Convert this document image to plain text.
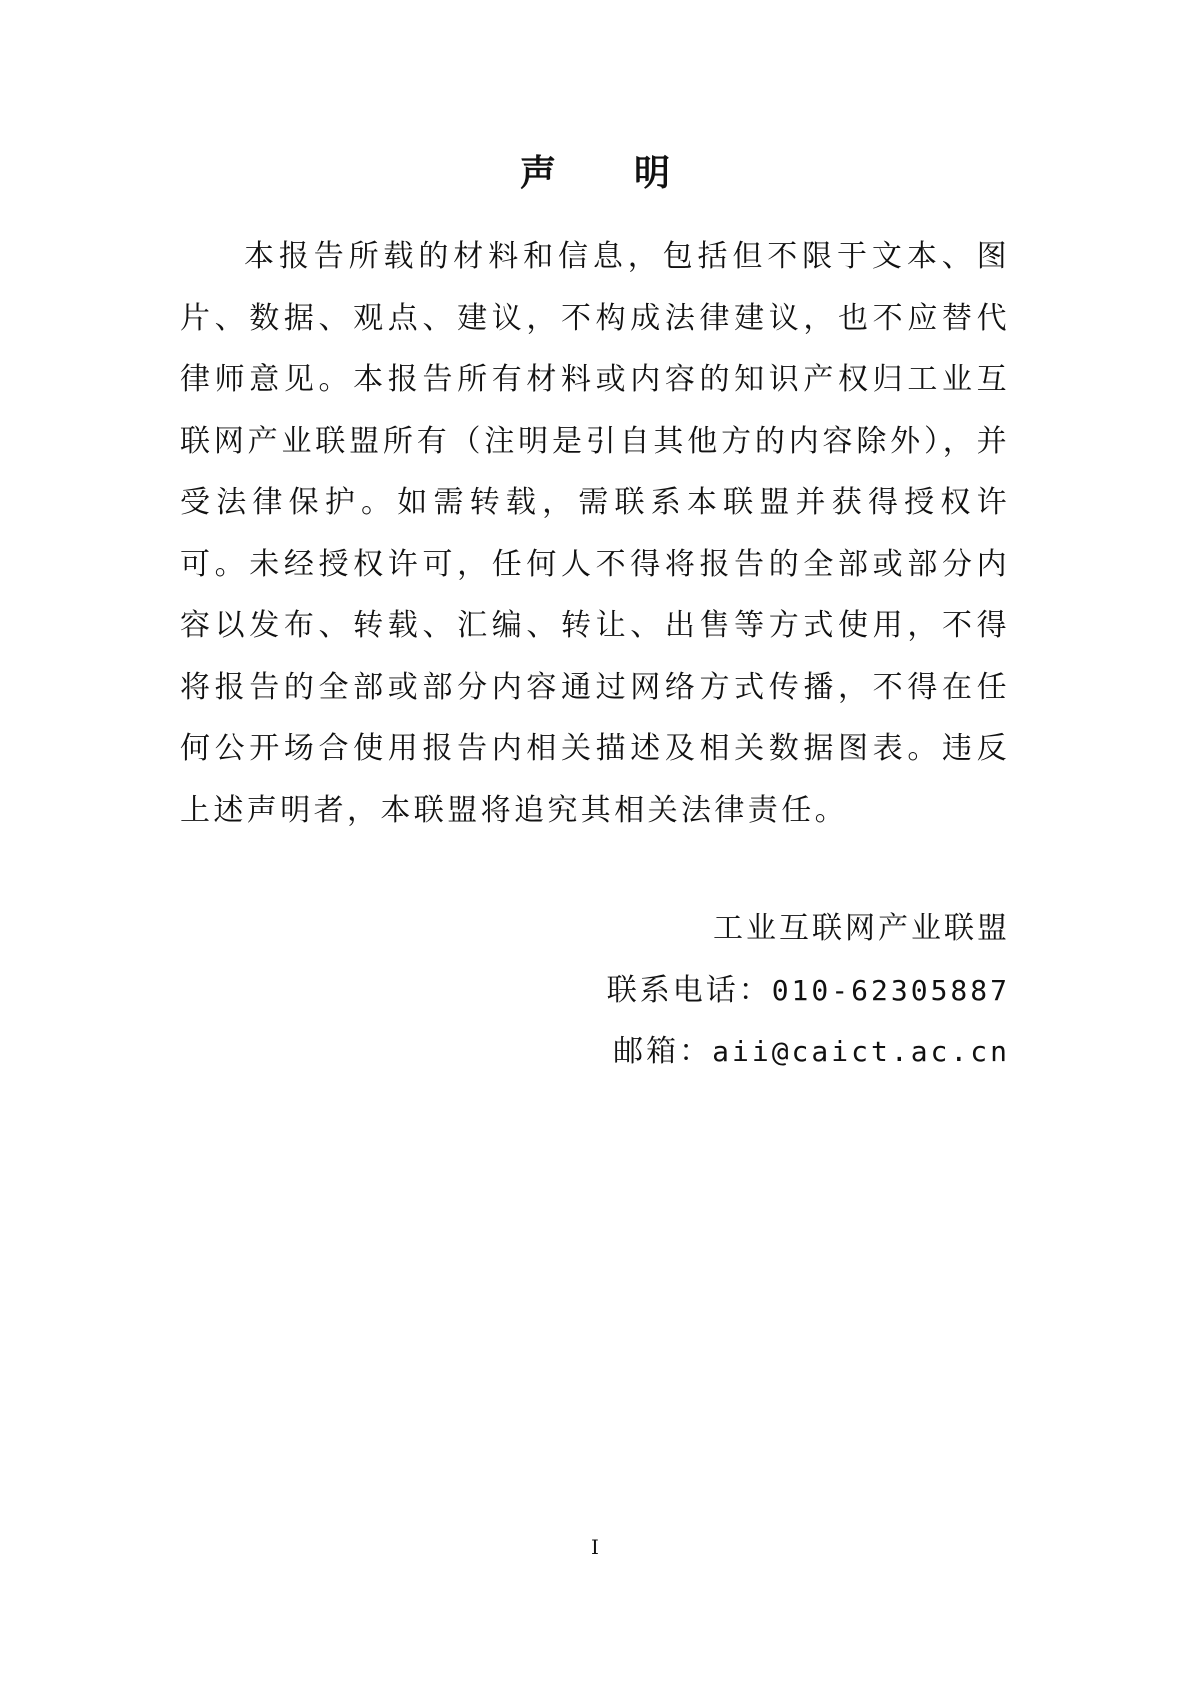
声明

本报告所载的材料和信息，包括但不限于文本、图片、数据、观点、建议，不构成法律建议，也不应替代律师意见。本报告所有材料或内容的知识产权归工业互联网产业联盟所有（注明是引自其他方的内容除外），并受法律保护。如需转载，需联系本联盟并获得授权许可。未经授权许可，任何人不得将报告的全部或部分内容以发布、转载、汇编、转让、出售等方式使用，不得将报告的全部或部分内容通过网络方式传播，不得在任何公开场合使用报告内相关描述及相关数据图表。违反上述声明者，本联盟将追究其相关法律责任。

工业互联网产业联盟
联系电话：010-62305887
邮箱：aii@caict.ac.cn
I
